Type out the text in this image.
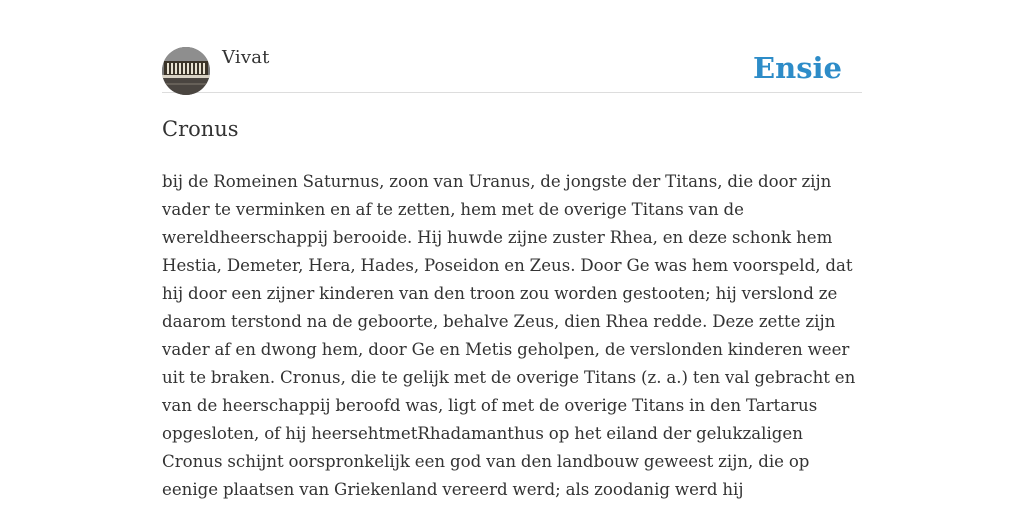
Vivat	Ensie
Cronus

bij de Romeinen Saturnus, zoon van Uranus, de jongste der Titans, die door zijn vader te verminken en af te zetten, hem met de overige Titans van de wereldheerschappij berooide. Hij huwde zijne zuster Rhea, en deze schonk hem Hestia, Demeter, Hera, Hades, Poseidon en Zeus. Door Ge was hem voorspeld, dat hij door een zijner kinderen van den troon zou worden gestooten; hij verslond ze daarom terstond na de geboorte, behalve Zeus, dien Rhea redde. Deze zette zijn vader af en dwong hem, door Ge en Metis geholpen, de verslonden kinderen weer uit te braken. Cronus, die te gelijk met de overige Titans (z. a.) ten val gebracht en van de heerschappij beroofd was, ligt of met de overige Titans in den Tartarus opgesloten, of hij heersehtmetRhadamanthus op het eiland der gelukzaligen Cronus schijnt oorspronkelijk een god van den landbouw geweest zijn, die op eenige plaatsen van Griekenland vereerd werd; als zoodanig werd hij
